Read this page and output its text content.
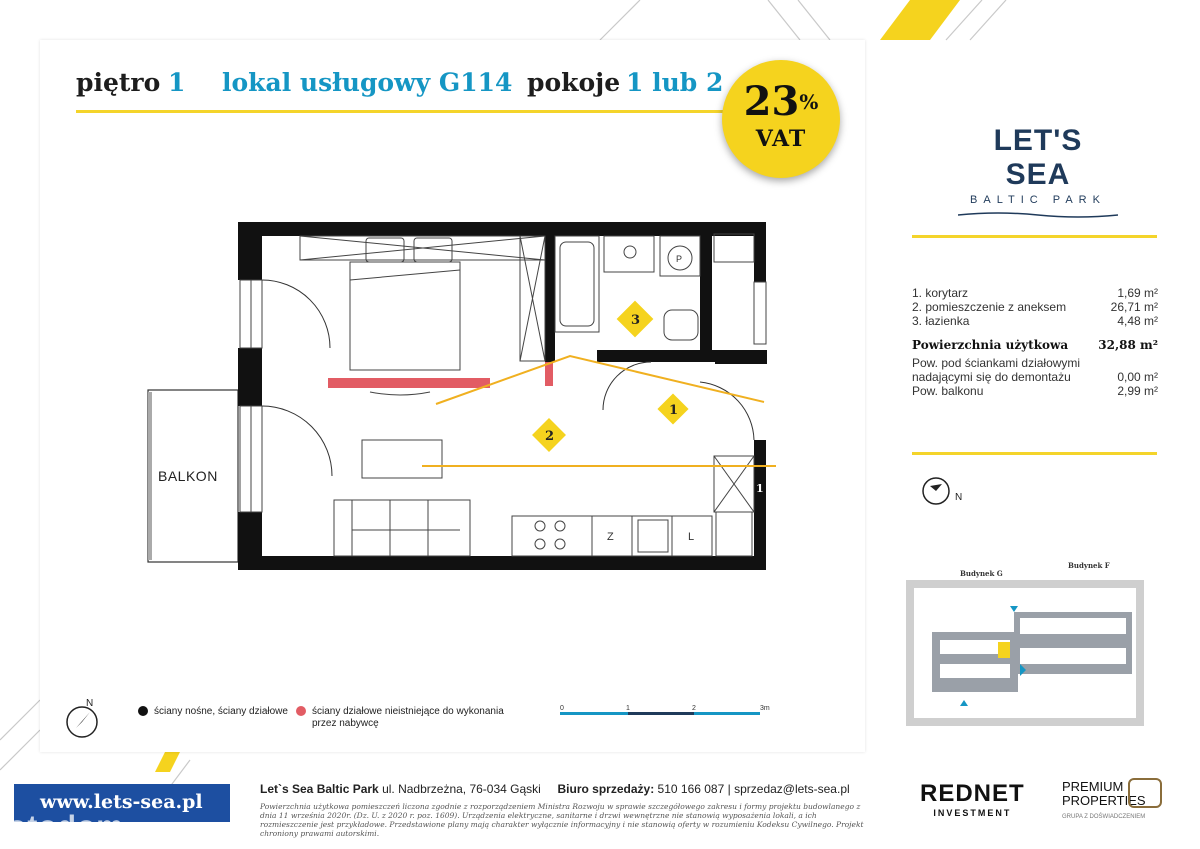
piętro 1 lokal usługowy G114 pokoje 1 lub 2 23%
VAT	LET'S SEA
BALTIC PARK
1. korytarz	1,69 m²
2. pomieszczenie z aneksem	26,71 m²
3. łazienka	4,48 m²
Powierzchnia użytkowa	32,88 m²
Pow. pod ściankami działowymi nadającymi się do demontażu	0,00 m²
Pow. balkonu	2,99 m²
N
N
Z	L
P
3
2
1
1
BALKON
ściany nośne, ściany działowe	ściany działowe nieistniejące do wykonania przez nabywcę
0	1	2	3m
Budynek G
Budynek F
www.lets-sea.pl
Let`s Sea Baltic Park ul. Nadbrzeżna, 76-034 Gąski Biuro sprzedaży: 510 166 087 | sprzedaz@lets-sea.pl
Powierzchnia użytkowa pomieszczeń liczona zgodnie z rozporządzeniem Ministra Rozwoju w sprawie szczegółowego zakresu i formy projektu budowlanego z dnia 11 września 2020r. (Dz. U. z 2020 r. poz. 1609). Urządzenia elektryczne, sanitarne i drzwi wewnętrzne nie stanowią wyposażenia lokali, a ich rozmieszczenie jest przykładowe. Przedstawione plany mają charakter wyłącznie informacyjny i nie stanowią oferty w rozumieniu Kodeksu Cywilnego. Projekt chroniony prawami autorskimi.
REDNET
INVESTMENT
PREMIUM
PROPERTIES
GRUPA Z DOŚWIADCZENIEM
otodom
